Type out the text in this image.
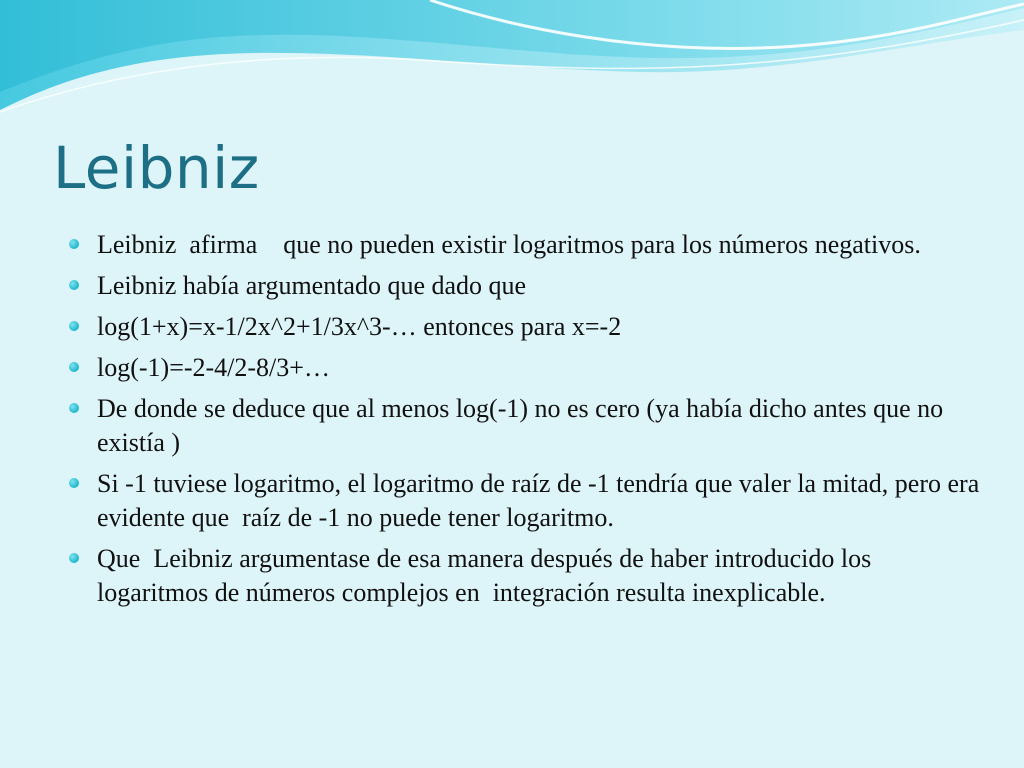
Leibniz
Leibniz  afirma    que no pueden existir logaritmos para los números negativos.
Leibniz había argumentado que dado que
log(1+x)=x-1/2x^2+1/3x^3-… entonces para x=-2
log(-1)=-2-4/2-8/3+…
De donde se deduce que al menos log(-1) no es cero (ya había dicho antes que no existía )
Si -1 tuviese logaritmo, el logaritmo de raíz de -1 tendría que valer la mitad, pero era evidente que  raíz de -1 no puede tener logaritmo.
Que  Leibniz argumentase de esa manera después de haber introducido los logaritmos de números complejos en  integración resulta inexplicable.
